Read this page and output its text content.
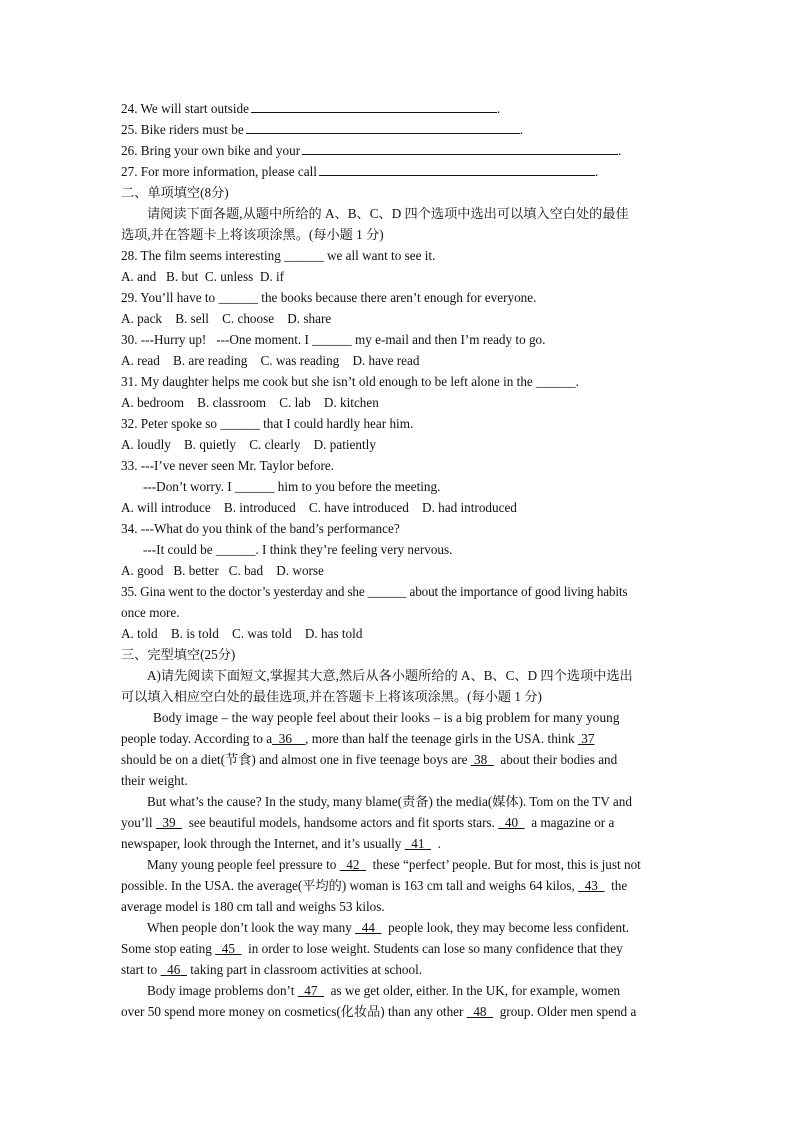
24. We will start outside	.
25. Bike riders must be	.
26. Bring your own bike and your	.
27. For more information, please call	.
二、单项填空(8分)
请阅读下面各题,从题中所给的 A、B、C、D 四个选项中选出可以填入空白处的最佳
选项,并在答题卡上将该项涂黑。(每小题 1 分)
28. The film seems interesting ______ we all want to see it.
A. and   B. but  C. unless  D. if
29. You’ll have to ______ the books because there aren’t enough for everyone.
A. pack    B. sell    C. choose    D. share
30. ---Hurry up!   ---One moment. I ______ my e-mail and then I’m ready to go.
A. read    B. are reading    C. was reading    D. have read
31. My daughter helps me cook but she isn’t old enough to be left alone in the ______.
A. bedroom    B. classroom    C. lab    D. kitchen
32. Peter spoke so ______ that I could hardly hear him.
A. loudly    B. quietly    C. clearly    D. patiently
33. ---I’ve never seen Mr. Taylor before.
---Don’t worry. I ______ him to you before the meeting.
A. will introduce    B. introduced    C. have introduced    D. had introduced
34. ---What do you think of the band’s performance?
---It could be ______. I think they’re feeling very nervous.
A. good   B. better   C. bad    D. worse
35. Gina went to the doctor’s yesterday and she ______ about the importance of good living habits
once more.
A. told    B. is told    C. was told    D. has told
三、完型填空(25分)
A)请先阅读下面短文,掌握其大意,然后从各小题所给的 A、B、C、D 四个选项中选出
可以填入相应空白处的最佳选项,并在答题卡上将该项涂黑。(每小题 1 分)
Body image – the way people feel about their looks – is a big problem for many young
people today. According to a 36 , more than half the teenage girls in the USA. think  37
should be on a diet(节食) and almost one in five teenage boys are  38    about their bodies and
their weight.
But what’s the cause? In the study, many blame(责备) the media(媒体). Tom on the TV and
you’ll   39    see beautiful models, handsome actors and fit sports stars.   40    a magazine or a
newspaper, look through the Internet, and it’s usually   41    .
Many young people feel pressure to   42    these “perfect’ people. But for most, this is just not
possible. In the USA. the average(平均的) woman is 163 cm tall and weighs 64 kilos,   43    the
average model is 180 cm tall and weighs 53 kilos.
When people don’t look the way many   44    people look, they may become less confident.
Some stop eating   45    in order to lose weight. Students can lose so many confidence that they
start to   46   taking part in classroom activities at school.
Body image problems don’t   47    as we get older, either. In the UK, for example, women
over 50 spend more money on cosmetics(化妆品) than any other   48    group. Older men spend a
